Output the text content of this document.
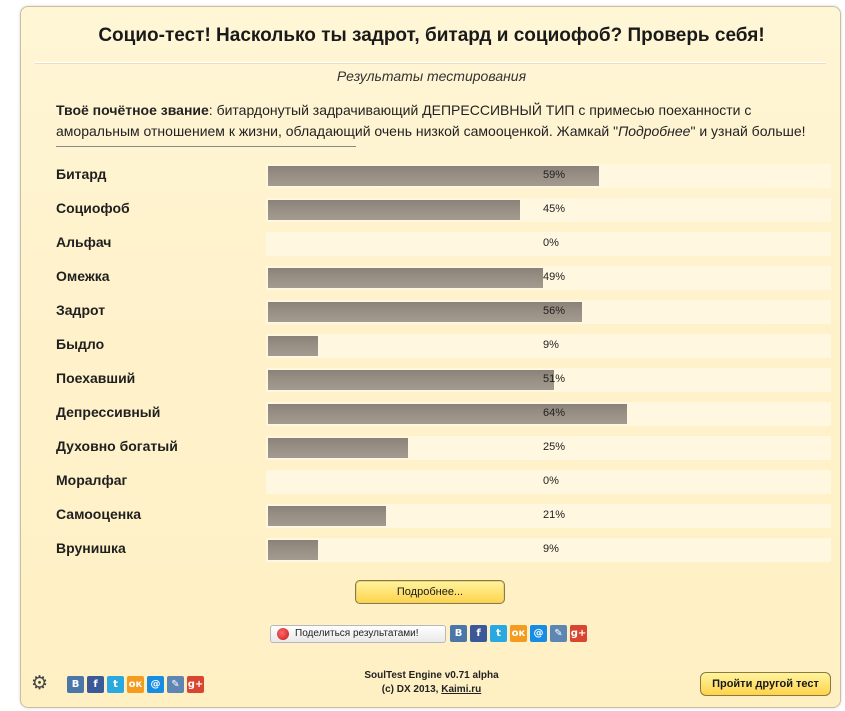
Социо-тест! Насколько ты задрот, битард и социофоб? Проверь себя!
Результаты тестирования
Твоё почётное звание: битардонутый задрачивающий ДЕПРЕССИВНЫЙ ТИП с примесью поеханности с аморальным отношением к жизни, обладающий очень низкой самооценкой. Жамкай "Подробнее" и узнай больше!
Битард	59%
Социофоб	45%
Альфач	0%
Омежка	49%
Задрот	56%
Быдло	9%
Поехавший	51%
Депрессивный	64%
Духовно богатый	25%
Моралфаг	0%
Самооценка	21%
Врунишка	9%
Подробнее...
Поделиться результатами!	В	f	t	ок @	✎ g+
⚙	В	f	t	ок @	✎ g+
SoulTest Engine v0.71 alpha
(c) DX 2013, Kaimi.ru	Пройти другой тест
